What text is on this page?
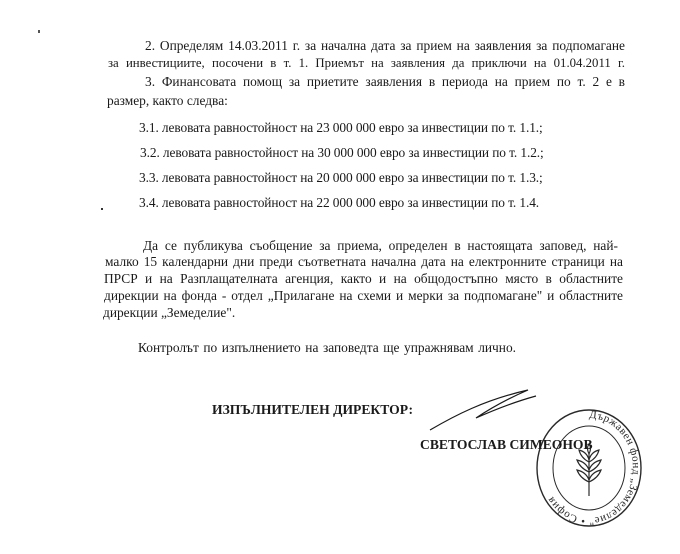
2. Определям 14.03.2011 г. за начална дата за прием на заявления за подпомагане
за инвестициите, посочени в т. 1. Приемът на заявления да приключи на 01.04.2011 г.
3. Финансовата помощ за приетите заявления в периода на прием по т. 2 е в
размер, както следва:
3.1. левовата равностойност на 23 000 000 евро за инвестиции по т. 1.1.;
3.2. левовата равностойност на 30 000 000 евро за инвестиции по т. 1.2.;
3.3. левовата равностойност на 20 000 000 евро за инвестиции по т. 1.3.;
3.4. левовата равностойност на 22 000 000 евро за инвестиции по т. 1.4.
Да се публикува съобщение за приема, определен в настоящата заповед, най-
малко 15 календарни дни преди съответната начална дата на електронните страници на
ПРСР и на Разплащателната агенция, както и на общодостъпно място в областните
дирекции на фонда - отдел „Прилагане на схеми и мерки за подпомагане" и областните
дирекции „Земеделие".
Контролът по изпълнението на заповедта ще упражнявам лично.
ИЗПЪЛНИТЕЛЕН ДИРЕКТОР:	Държавен фонд „Земеделие" • София
СВЕТОСЛАВ СИМЕОНОВ
